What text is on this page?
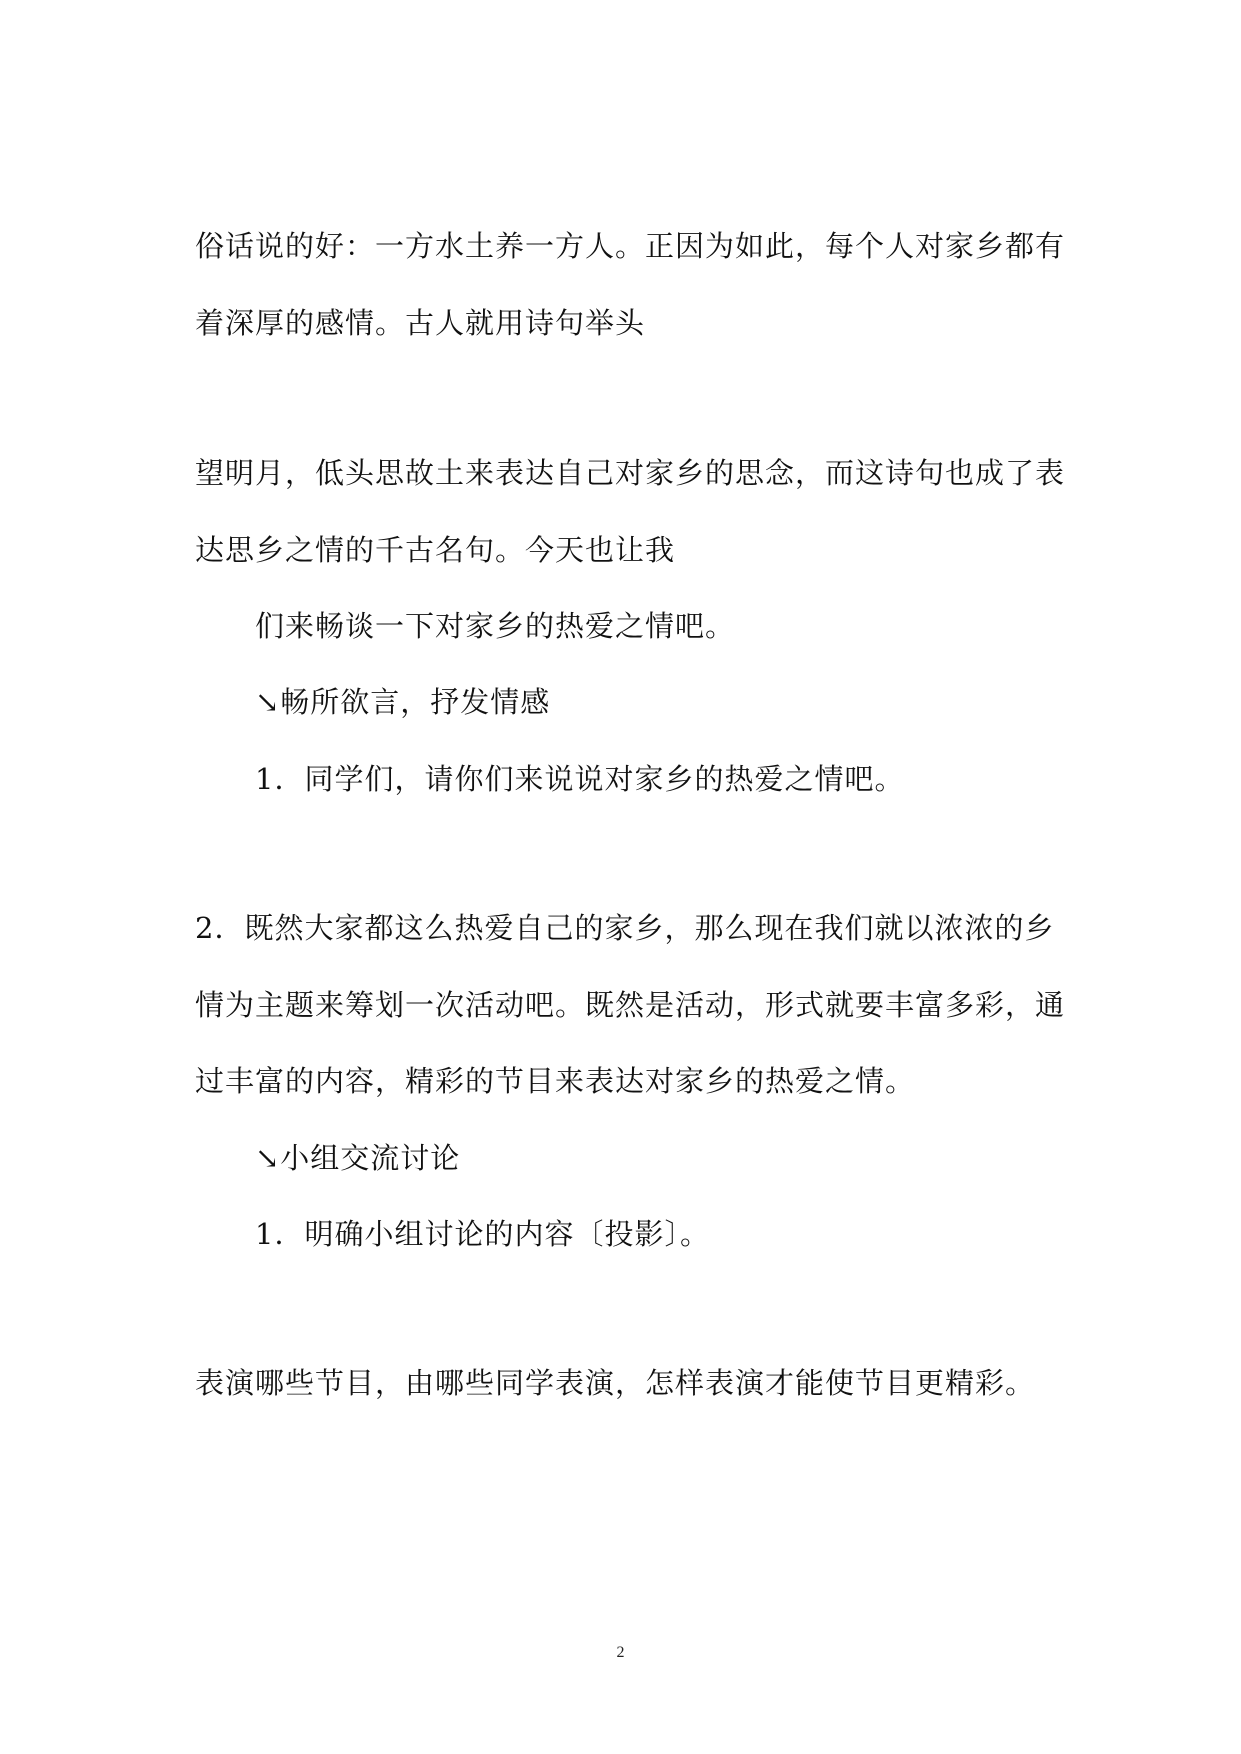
俗话说的好：一方水土养一方人。正因为如此，每个人对家乡都有
着深厚的感情。古人就用诗句举头
望明月，低头思故土来表达自己对家乡的思念，而这诗句也成了表
达思乡之情的千古名句。今天也让我
们来畅谈一下对家乡的热爱之情吧。
↘畅所欲言，抒发情感
1．同学们，请你们来说说对家乡的热爱之情吧。
2．既然大家都这么热爱自己的家乡，那么现在我们就以浓浓的乡
情为主题来筹划一次活动吧。既然是活动，形式就要丰富多彩，通
过丰富的内容，精彩的节目来表达对家乡的热爱之情。
↘小组交流讨论
1．明确小组讨论的内容〔投影〕。
表演哪些节目，由哪些同学表演，怎样表演才能使节目更精彩。
2
